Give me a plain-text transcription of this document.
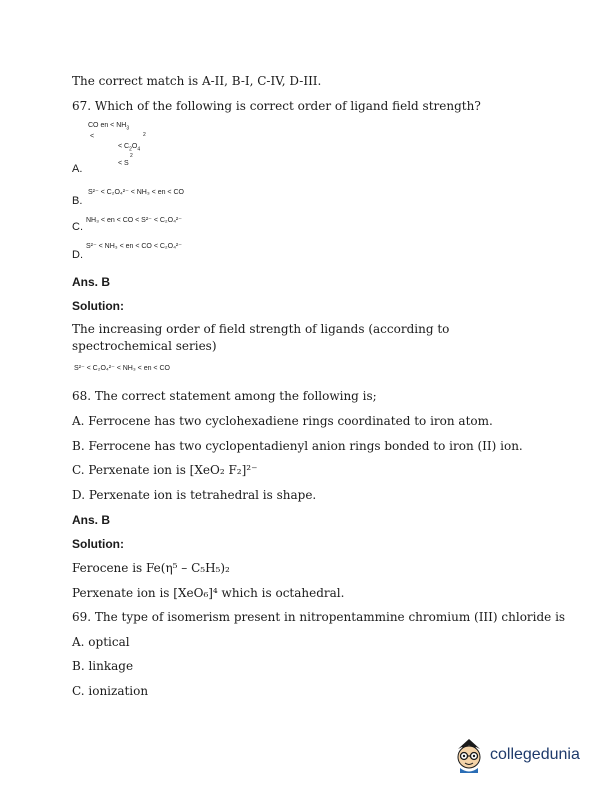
The correct match is A-II, B-I, C-IV, D-III.
67. Which of the following is correct order of ligand field strength?
CO en < $NH_3$
<	2
< $C_2O_4$
2
< S
A.
S²⁻ < C₂O₄²⁻ < NH₃ < en < CO
B.
NH₃ < en < CO < S²⁻ < C₂O₄²⁻
C.
S²⁻ < NH₃ < en < CO < C₂O₄²⁻
D.
Ans. B
Solution:
The increasing order of field strength of ligands (according to spectrochemical series)
S²⁻ < C₂O₄²⁻ < NH₃ < en < CO
68. The correct statement among the following is;
A. Ferrocene has two cyclohexadiene rings coordinated to iron atom.
B. Ferrocene has two cyclopentadienyl anion rings bonded to iron (II) ion.
C. Perxenate ion is [XeO₂ F₂]²⁻
D. Perxenate ion is tetrahedral is shape.
Ans. B
Solution:
Ferocene is Fe(η⁵ – C₅H₅)₂
Perxenate ion is [XeO₆]⁴ which is octahedral.
69. The type of isomerism present in nitropentammine chromium (III) chloride is
A. optical
B. linkage
C. ionization
collegedunia
